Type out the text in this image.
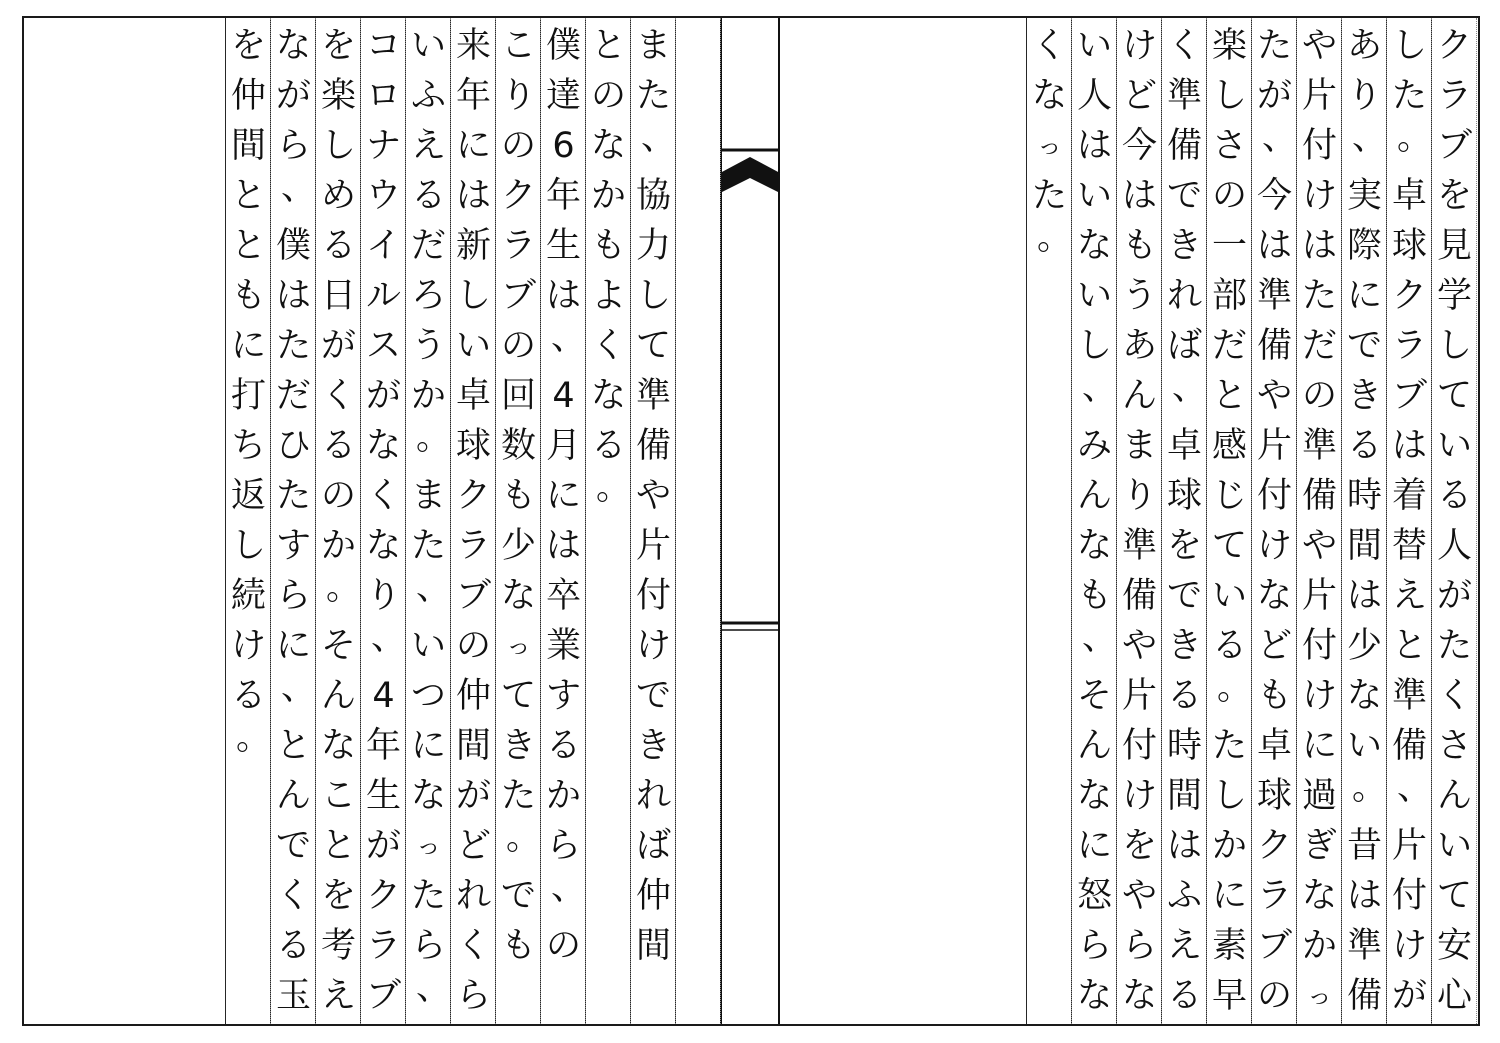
ク
ラ
ブ
を
見
学
し
て
い
る
人
が
た
く
さ
ん
い
て
安
心
し
た
。
卓
球
ク
ラ
ブ
は
着
替
え
と
準
備
、
片
付
け
が
あ
り
、
実
際
に
で
き
る
時
間
は
少
な
い
。
昔
は
準
備
や
片
付
け
は
た
だ
の
準
備
や
片
付
け
に
過
ぎ
な
か
っ
た
が
、
今
は
準
備
や
片
付
け
な
ど
も
卓
球
ク
ラ
ブ
の
楽
し
さ
の
一
部
だ
と
感
じ
て
い
る
。
た
し
か
に
素
早
く
準
備
で
き
れ
ば
、
卓
球
を
で
き
る
時
間
は
ふ
え
る
け
ど
今
は
も
う
あ
ん
ま
り
準
備
や
片
付
け
を
や
ら
な
い
人
は
い
な
い
し
、
み
ん
な
も
、
そ
ん
な
に
怒
ら
な
く
な
っ
た
。
ま
た
、
協
力
し
て
準
備
や
片
付
け
で
き
れ
ば
仲
間
と
の
な
か
も
よ
く
な
る
。
僕
達
6
年
生
は
、
4
月
に
は
卒
業
す
る
か
ら
、
の
こ
り
の
ク
ラ
ブ
の
回
数
も
少
な
っ
て
き
た
。
で
も
来
年
に
は
新
し
い
卓
球
ク
ラ
ブ
の
仲
間
が
ど
れ
く
ら
い
ふ
え
る
だ
ろ
う
か
。
ま
た
、
い
つ
に
な
っ
た
ら
、
コ
ロ
ナ
ウ
イ
ル
ス
が
な
く
な
り
、
4
年
生
が
ク
ラ
ブ
を
楽
し
め
る
日
が
く
る
の
か
。
そ
ん
な
こ
と
を
考
え
な
が
ら
、
僕
は
た
だ
ひ
た
す
ら
に
、
と
ん
で
く
る
玉
を
仲
間
と
と
も
に
打
ち
返
し
続
け
る
。
